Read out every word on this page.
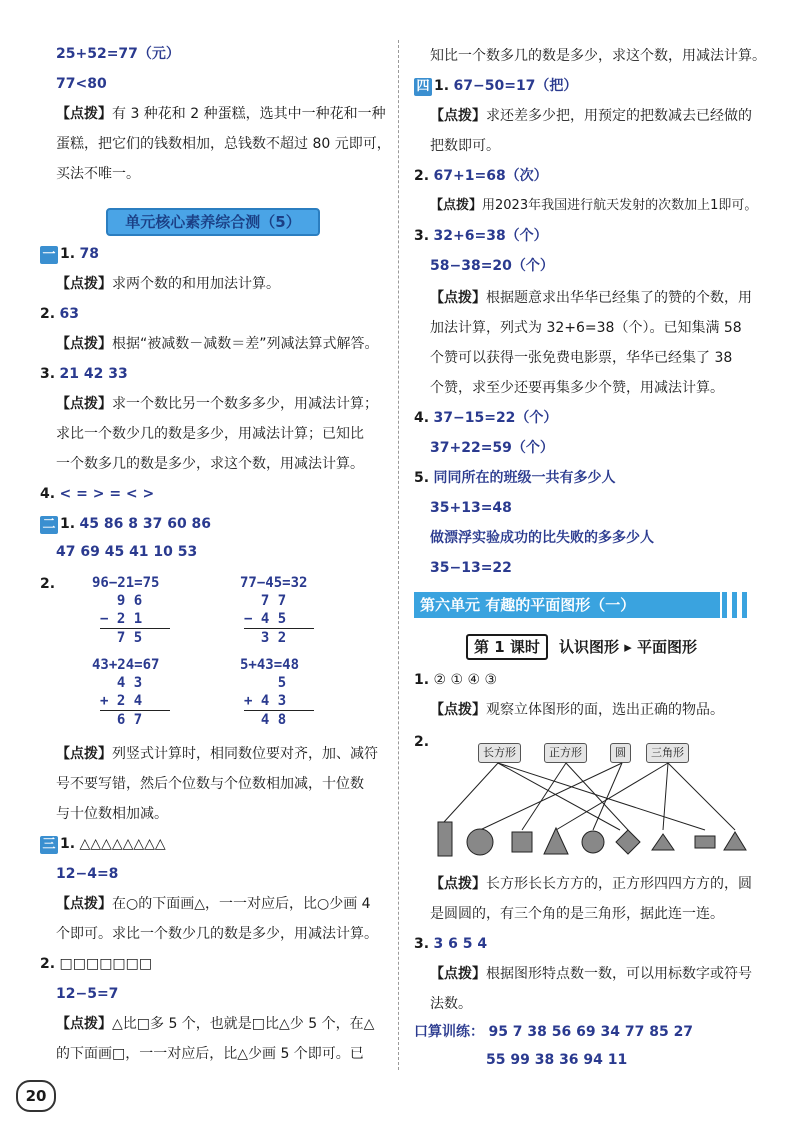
25+52=77（元）
77<80
【点拨】有 3 种花和 2 种蛋糕，选其中一种花和一种
蛋糕，把它们的钱数相加，总钱数不超过 80 元即可，
买法不唯一。
单元核心素养综合测（5）
一 1. 78
【点拨】求两个数的和用加法计算。
2. 63
【点拨】根据“被减数－减数＝差”列减法算式解答。
3. 21 42 33
【点拨】求一个数比另一个数多多少，用减法计算；
求比一个数少几的数是多少，用减法计算；已知比
一个数多几的数是多少，求这个数，用减法计算。
4. < = > = < >
二 1. 45 86 8 37 60 86
47 69 45 41 10 53
2.	96−21=75
9 6
− 2 1
7 5
77−45=32
7 7
− 4 5
3 2
43+24=67
4 3
+ 2 4
6 7
5+43=48
5
+ 4 3
4 8
【点拨】列竖式计算时，相同数位要对齐，加、减符
号不要写错，然后个位数与个位数相加减，十位数
与十位数相加减。
三 1. △△△△△△△△
12−4=8
【点拨】在○的下面画△，一一对应后，比○少画 4
个即可。求比一个数少几的数是多少，用减法计算。
2. □□□□□□□
12−5=7
【点拨】△比□多 5 个，也就是□比△少 5 个，在△
的下面画□，一一对应后，比△少画 5 个即可。已
20
知比一个数多几的数是多少，求这个数，用减法计算。
四 1. 67−50=17（把）
【点拨】求还差多少把，用预定的把数减去已经做的
把数即可。
2. 67+1=68（次）
【点拨】用2023年我国进行航天发射的次数加上1即可。
3. 32+6=38（个）
58−38=20（个）
【点拨】根据题意求出华华已经集了的赞的个数，用
加法计算，列式为 32+6=38（个）。已知集满 58
个赞可以获得一张免费电影票，华华已经集了 38
个赞，求至少还要再集多少个赞，用减法计算。
4. 37−15=22（个）
37+22=59（个）
5. 同同所在的班级一共有多少人
35+13=48
做漂浮实验成功的比失败的多多少人
35−13=22
第六单元 有趣的平面图形（一）
第 1 课时 认识图形 ▸ 平面图形
1. ② ① ④ ③
【点拨】观察立体图形的面，选出正确的物品。
2.
长方形	正方形	圆	三角形
【点拨】长方形长长方方的，正方形四四方方的，圆
是圆圆的，有三个角的是三角形，据此连一连。
3. 3 6 5 4
【点拨】根据图形特点数一数，可以用标数字或符号
法数。
口算训练： 95 7 38 56 69 34 77 85 27
55 99 38 36 94 11
